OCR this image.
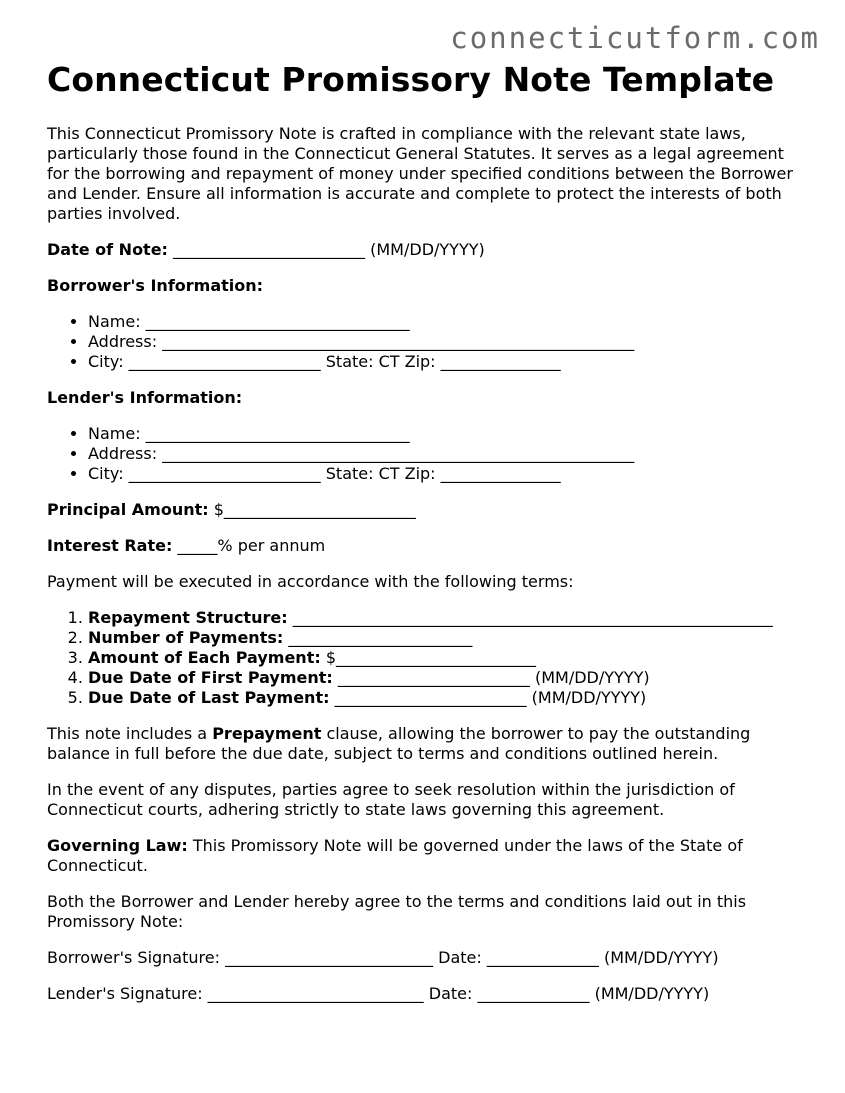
connecticutform.com
Connecticut Promissory Note Template

This Connecticut Promissory Note is crafted in compliance with the relevant state laws, particularly those found in the Connecticut General Statutes. It serves as a legal agreement for the borrowing and repayment of money under specified conditions between the Borrower and Lender. Ensure all information is accurate and complete to protect the interests of both parties involved.

Date of Note: ________________________ (MM/DD/YYYY)

Borrower's Information:

• Name: _________________________________
• Address: ___________________________________________________________
• City: ________________________ State: CT Zip: _______________

Lender's Information:

• Name: _________________________________
• Address: ___________________________________________________________
• City: ________________________ State: CT Zip: _______________

Principal Amount: $________________________

Interest Rate: _____% per annum

Payment will be executed in accordance with the following terms:

1. Repayment Structure: ____________________________________________________________
2. Number of Payments: _______________________
3. Amount of Each Payment: $_________________________
4. Due Date of First Payment: ________________________ (MM/DD/YYYY)
5. Due Date of Last Payment: ________________________ (MM/DD/YYYY)

This note includes a Prepayment clause, allowing the borrower to pay the outstanding balance in full before the due date, subject to terms and conditions outlined herein.

In the event of any disputes, parties agree to seek resolution within the jurisdiction of Connecticut courts, adhering strictly to state laws governing this agreement.

Governing Law: This Promissory Note will be governed under the laws of the State of Connecticut.

Both the Borrower and Lender hereby agree to the terms and conditions laid out in this Promissory Note:

Borrower's Signature: __________________________ Date: ______________ (MM/DD/YYYY)

Lender's Signature: ___________________________ Date: ______________ (MM/DD/YYYY)
